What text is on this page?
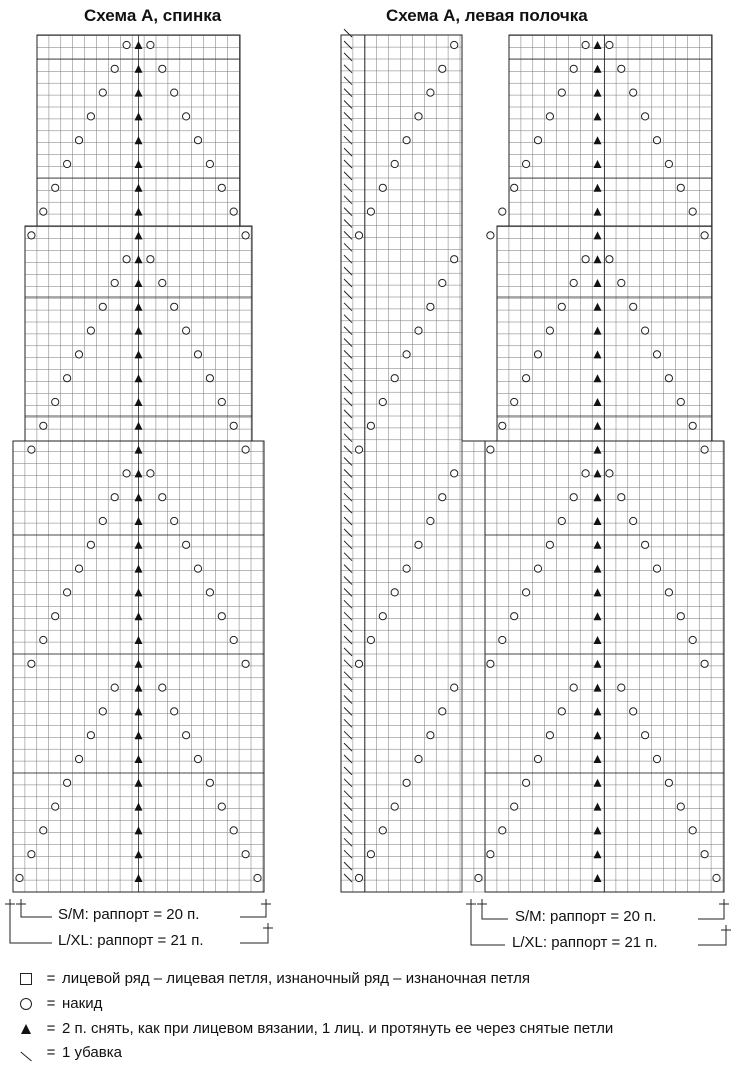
Схема А, спинка	Схема А, левая полочка
S/M: раппорт = 20 п.
L/XL: раппорт = 21 п.
S/M: раппорт = 20 п.
L/XL: раппорт = 21 п.
= лицевой ряд – лицевая петля, изнаночный ряд – изнаночная петля
= накид
= 2 п. снять, как при лицевом вязании, 1 лиц. и протянуть ее через снятые петли
= 1 убавка
